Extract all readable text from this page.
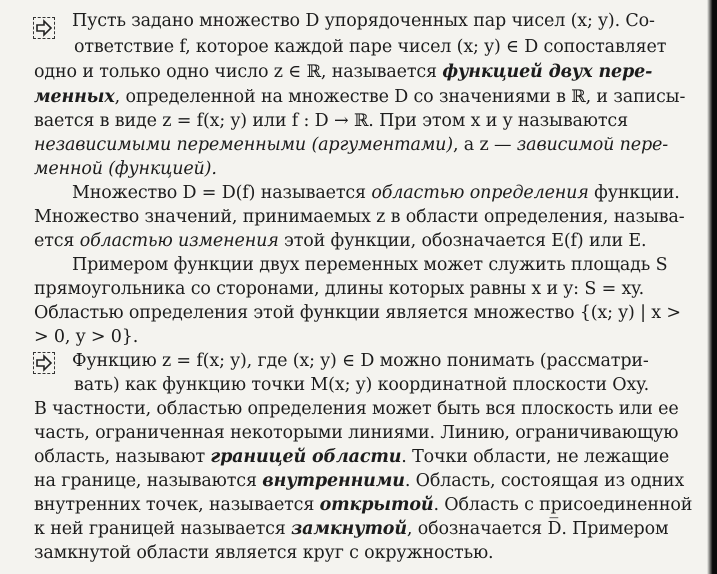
Пусть задано множество D упорядоченных пар чисел (x; y). Со-
ответствие f, которое каждой паре чисел (x; y) ∈ D сопоставляет
одно и только одно число z ∈ ℝ, называется функцией двух пере-
менных, определенной на множестве D со значениями в ℝ, и записы-
вается в виде z = f(x; y) или f : D → ℝ. При этом x и y называются
независимыми переменными (аргументами), а z — зависимой пере-
менной (функцией).
Множество D = D(f) называется областью определения функции.
Множество значений, принимаемых z в области определения, называ-
ется областью изменения этой функции, обозначается E(f) или E.
Примером функции двух переменных может служить площадь S
прямоугольника со сторонами, длины которых равны x и y: S = xy.
Областью определения этой функции является множество {(x; y) | x >
> 0, y > 0}.
Функцию z = f(x; y), где (x; y) ∈ D можно понимать (рассматри-
вать) как функцию точки M(x; y) координатной плоскости Oxy.
В частности, областью определения может быть вся плоскость или ее
часть, ограниченная некоторыми линиями. Линию, ограничивающую
область, называют границей области. Точки области, не лежащие
на границе, называются внутренними. Область, состоящая из одних
внутренних точек, называется открытой. Область с присоединенной
к ней границей называется замкнутой, обозначается D̅. Примером
замкнутой области является круг с окружностью.
